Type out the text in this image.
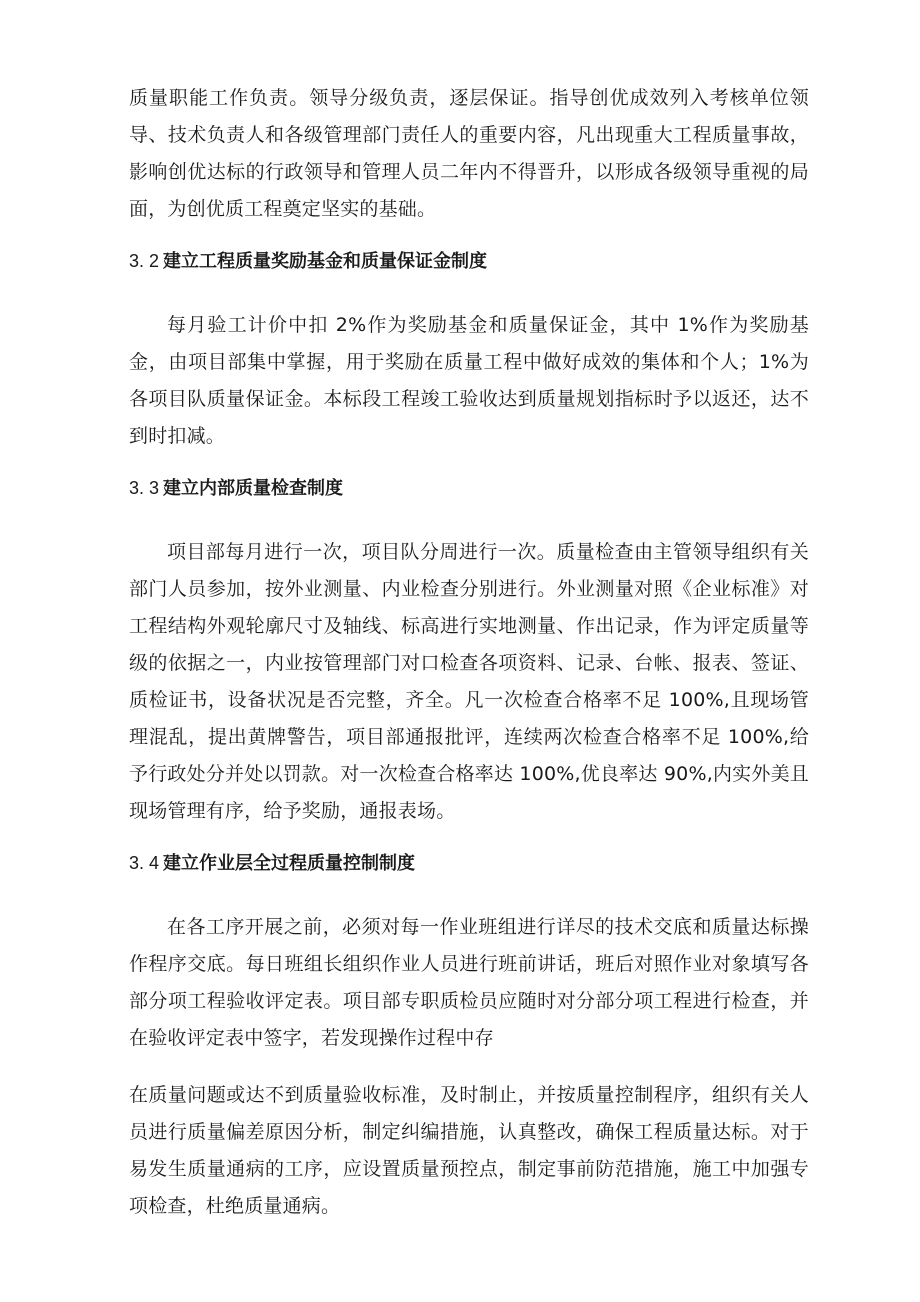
质量职能工作负责。领导分级负责，逐层保证。指导创优成效列入考核单位领导、技术负责人和各级管理部门责任人的重要内容，凡出现重大工程质量事故，影响创优达标的行政领导和管理人员二年内不得晋升，以形成各级领导重视的局面，为创优质工程奠定坚实的基础。

3. 2 建立工程质量奖励基金和质量保证金制度

每月验工计价中扣 2%作为奖励基金和质量保证金，其中 1%作为奖励基金，由项目部集中掌握，用于奖励在质量工程中做好成效的集体和个人；1%为各项目队质量保证金。本标段工程竣工验收达到质量规划指标时予以返还，达不到时扣减。

3. 3 建立内部质量检查制度

项目部每月进行一次，项目队分周进行一次。质量检查由主管领导组织有关部门人员参加，按外业测量、内业检查分别进行。外业测量对照《企业标准》对工程结构外观轮廓尺寸及轴线、标高进行实地测量、作出记录，作为评定质量等级的依据之一，内业按管理部门对口检查各项资料、记录、台帐、报表、签证、质检证书，设备状况是否完整，齐全。凡一次检查合格率不足 100%,且现场管理混乱，提出黄牌警告，项目部通报批评，连续两次检查合格率不足 100%,给予行政处分并处以罚款。对一次检查合格率达 100%,优良率达 90%,内实外美且现场管理有序，给予奖励，通报表场。

3. 4 建立作业层全过程质量控制制度

在各工序开展之前，必须对每一作业班组进行详尽的技术交底和质量达标操作程序交底。每日班组长组织作业人员进行班前讲话，班后对照作业对象填写各部分项工程验收评定表。项目部专职质检员应随时对分部分项工程进行检查，并在验收评定表中签字，若发现操作过程中存

在质量问题或达不到质量验收标准，及时制止，并按质量控制程序，组织有关人员进行质量偏差原因分析，制定纠编措施，认真整改，确保工程质量达标。对于易发生质量通病的工序，应设置质量预控点，制定事前防范措施，施工中加强专项检查，杜绝质量通病。
